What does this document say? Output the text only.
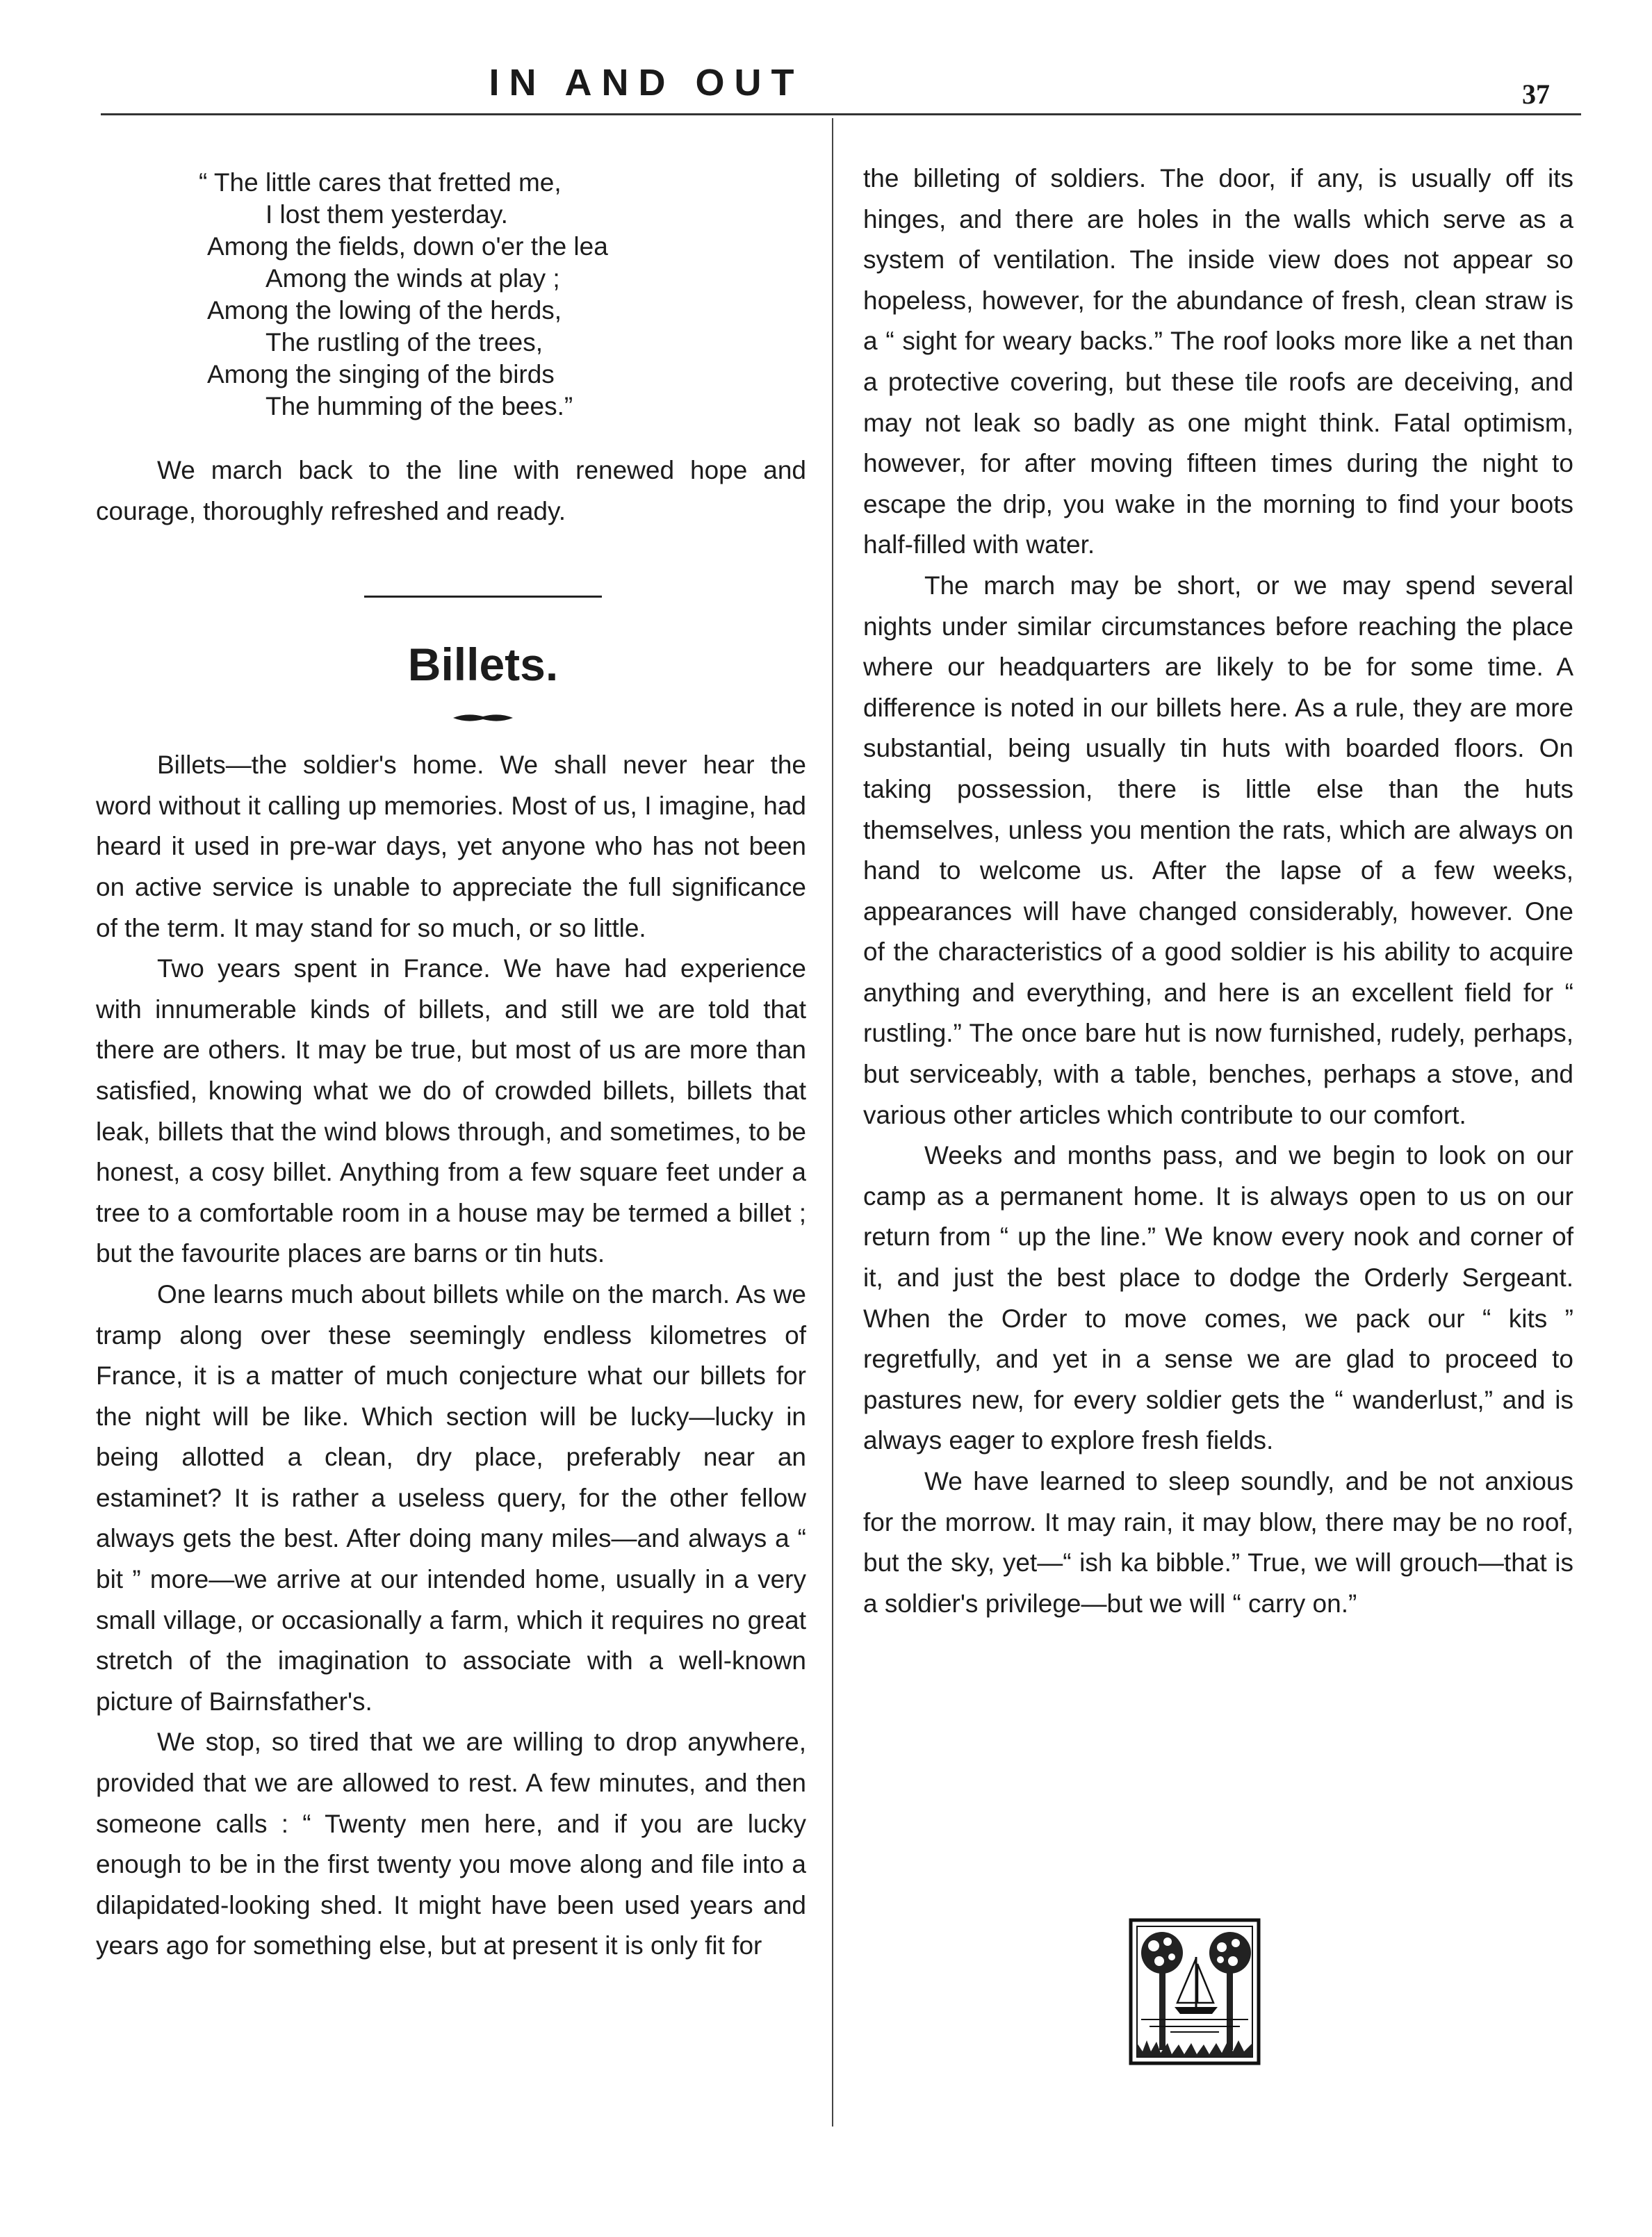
IN AND OUT	37
“ The little cares that fretted me,
I lost them yesterday.
Among the fields, down o'er the lea
Among the winds at play ;
Among the lowing of the herds,
The rustling of the trees,
Among the singing of the birds
The humming of the bees.”

We march back to the line with renewed hope and courage, thoroughly refreshed and ready.

Billets.

Billets—the soldier's home. We shall never hear the word without it calling up memories. Most of us, I imagine, had heard it used in pre-war days, yet anyone who has not been on active service is unable to appreciate the full significance of the term. It may stand for so much, or so little.

Two years spent in France. We have had experience with innumerable kinds of billets, and still we are told that there are others. It may be true, but most of us are more than satisfied, knowing what we do of crowded billets, billets that leak, billets that the wind blows through, and sometimes, to be honest, a cosy billet. Anything from a few square feet under a tree to a comfortable room in a house may be termed a billet ; but the favourite places are barns or tin huts.

One learns much about billets while on the march. As we tramp along over these seemingly endless kilometres of France, it is a matter of much conjecture what our billets for the night will be like. Which section will be lucky—lucky in being allotted a clean, dry place, preferably near an estaminet? It is rather a useless query, for the other fellow always gets the best. After doing many miles—and always a “ bit ” more—we arrive at our intended home, usually in a very small village, or occasionally a farm, which it requires no great stretch of the imagination to associate with a well-known picture of Bairnsfather's.

We stop, so tired that we are willing to drop anywhere, provided that we are allowed to rest. A few minutes, and then someone calls : “ Twenty men here, and if you are lucky enough to be in the first twenty you move along and file into a dilapidated-looking shed. It might have been used years and years ago for something else, but at present it is only fit for

the billeting of soldiers. The door, if any, is usually off its hinges, and there are holes in the walls which serve as a system of ventilation. The inside view does not appear so hopeless, however, for the abundance of fresh, clean straw is a “ sight for weary backs.” The roof looks more like a net than a protective covering, but these tile roofs are deceiving, and may not leak so badly as one might think. Fatal optimism, however, for after moving fifteen times during the night to escape the drip, you wake in the morning to find your boots half-filled with water.

The march may be short, or we may spend several nights under similar circumstances before reaching the place where our headquarters are likely to be for some time. A difference is noted in our billets here. As a rule, they are more substantial, being usually tin huts with boarded floors. On taking possession, there is little else than the huts themselves, unless you mention the rats, which are always on hand to welcome us. After the lapse of a few weeks, appearances will have changed considerably, however. One of the characteristics of a good soldier is his ability to acquire anything and everything, and here is an excellent field for “ rustling.” The once bare hut is now furnished, rudely, perhaps, but serviceably, with a table, benches, perhaps a stove, and various other articles which contribute to our comfort.

Weeks and months pass, and we begin to look on our camp as a permanent home. It is always open to us on our return from “ up the line.” We know every nook and corner of it, and just the best place to dodge the Orderly Sergeant. When the Order to move comes, we pack our “ kits ” regretfully, and yet in a sense we are glad to proceed to pastures new, for every soldier gets the “ wanderlust,” and is always eager to explore fresh fields.

We have learned to sleep soundly, and be not anxious for the morrow. It may rain, it may blow, there may be no roof, but the sky, yet—“ ish ka bibble.” True, we will grouch—that is a soldier's privilege—but we will “ carry on.”
